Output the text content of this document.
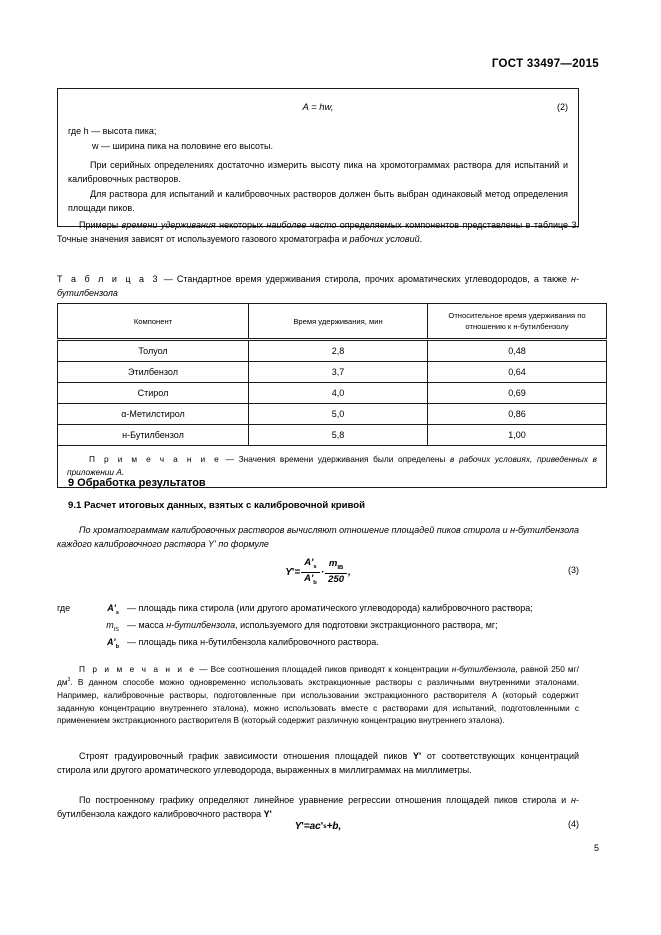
ГОСТ 33497—2015
A = hw,	(2)
где h — высота пика;
w — ширина пика на половине его высоты.
При серийных определениях достаточно измерить высоту пика на хромотограммах раствора для испытаний и калибровочных растворов.
Для раствора для испытаний и калибровочных растворов должен быть выбран одинаковый метод определения площади пиков.
Примеры времени удерживания некоторых наиболее часто определяемых компонентов представлены в таблице 3. Точные значения зависят от используемого газового хроматографа и рабочих условий.
Т а б л и ц а 3 — Стандартное время удерживания стирола, прочих ароматических углеводородов, а также н-бутилбензола
Компонент	Время удерживания, мин	Относительное время удерживания по отношению к н-бутилбензолу
Толуол	2,8	0,48
Этилбензол	3,7	0,64
Стирол	4,0	0,69
α-Метилстирол	5,0	0,86
н-Бутилбензол	5,8	1,00
П р и м е ч а н и е — Значения времени удерживания были определены в рабочих условиях, приведенных в приложении А.		
9 Обработка результатов
9.1 Расчет итоговых данных, взятых с калибровочной кривой
По хроматограммам калибровочных растворов вычисляют отношение площадей пиков стирола и н-бутилбензола каждого калибровочного раствора Y' по формуле
Y ' = $\frac{A'_s}{A'_b} \cdot \frac{m_{IB}}{250}$ ,	(3)
где	$A'_s$ — площадь пика стирола (или другого ароматического углеводорода) калибровочного раствора;
$m_{IS}$ — масса н-бутилбензола, используемого для подготовки экстракционного раствора, мг;
$A'_b$ — площадь пика н-бутилбензола калибровочного раствора.
П р и м е ч а н и е — Все соотношения площадей пиков приводят к концентрации н-бутилбензола, равной 250 $мг/дм^3$. В данном способе можно одновременно использовать экстракционные растворы с различными внутренними эталонами. Например, калибровочные растворы, подготовленные при использовании экстракционного растворителя А (который содержит заданную концентрацию внутреннего эталона), можно использовать вместе с растворами для испытаний, подготовленными с применением экстракционного растворителя В (который содержит различную концентрацию внутреннего эталона).
Строят градуировочный график зависимости отношения площадей пиков Y' от соответствующих концентраций стирола или другого ароматического углеводорода, выраженных в миллиграммах на миллиметры.
По построенному графику определяют линейное уравнение регрессии отношения площадей пиков стирола и н-бутилбензола каждого калибровочного раствора Y'
Y ' = a c ' s + b ,	(4)
5
